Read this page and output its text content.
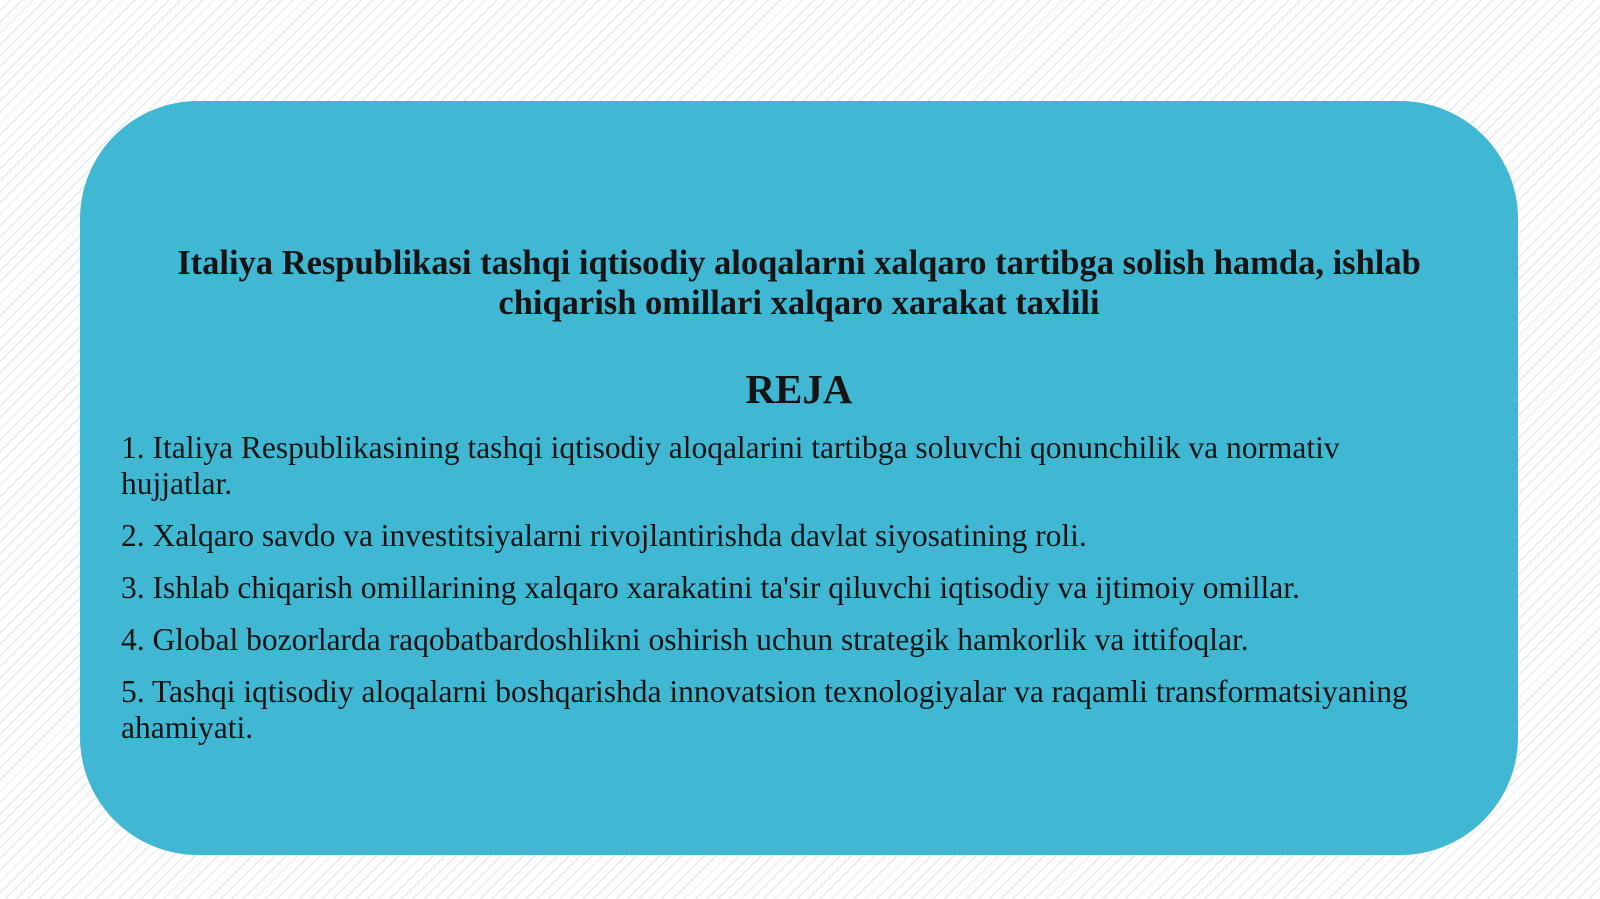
Italiya Respublikasi tashqi iqtisodiy aloqalarni xalqaro tartibga solish hamda, ishlab chiqarish omillari xalqaro xarakat taxlili
REJA
1. Italiya Respublikasining tashqi iqtisodiy aloqalarini tartibga soluvchi qonunchilik va normativ hujjatlar.
2. Xalqaro savdo va investitsiyalarni rivojlantirishda davlat siyosatining roli.
3. Ishlab chiqarish omillarining xalqaro xarakatini ta'sir qiluvchi iqtisodiy va ijtimoiy omillar.
4. Global bozorlarda raqobatbardoshlikni oshirish uchun strategik hamkorlik va ittifoqlar.
5. Tashqi iqtisodiy aloqalarni boshqarishda innovatsion texnologiyalar va raqamli transformatsiyaning ahamiyati.
